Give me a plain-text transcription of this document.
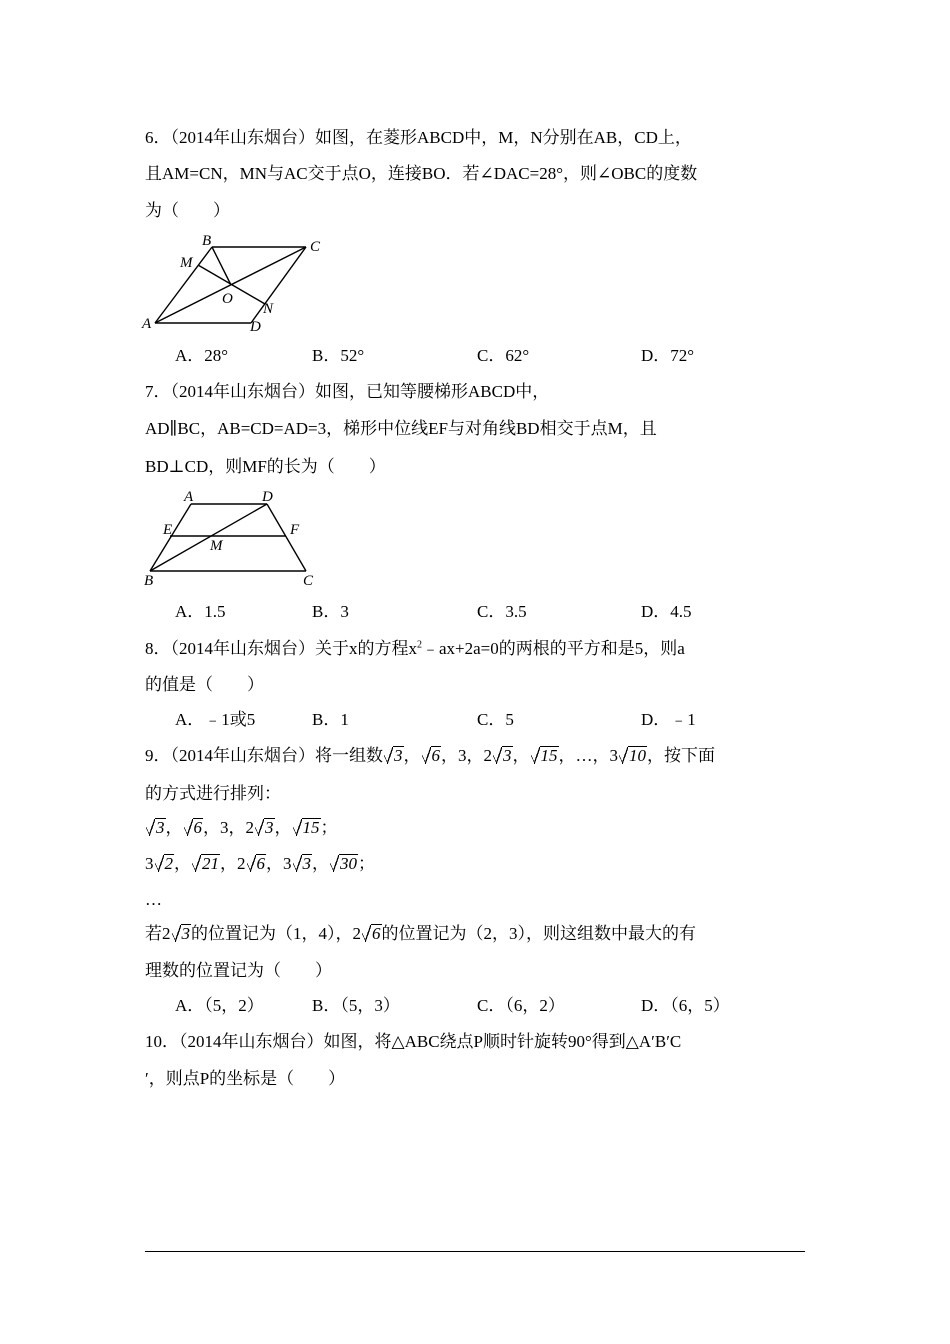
6．（2014年山东烟台）如图，在菱形ABCD中，M，N分别在AB，CD上，
且AM=CN，MN与AC交于点O，连接BO．若∠DAC=28°，则∠OBC的度数
为（　　）
A
B	C
D
M
N
O
A．28°	B．52°	C．62°	D．72°
7．（2014年山东烟台）如图，已知等腰梯形ABCD中，
AD∥BC，AB=CD=AD=3，梯形中位线EF与对角线BD相交于点M，且
BD⊥CD，则MF的长为（　　）
A	D
E	F
M
B	C
A．1.5	B．3	C．3.5	D．4.5
8．（2014年山东烟台）关于x的方程$x^2﹣ax+2a=0$的两根的平方和是5，则a
的值是（　　）
A．﹣1或5	B．1	C．5	D．﹣1
9．（2014年山东烟台）将一组数 3， 6，3，2 3， 15，…，3 10，按下面
的方式进行排列：
3， 6，3，2 3， 15；
3 2， 21，2 6，3 3， 30；
…
若2 3的位置记为（1，4），2 6的位置记为（2，3），则这组数中最大的有
理数的位置记为（　　）
A．（5，2）	B．（5，3）	C．（6，2）	D．（6，5）
10．（2014年山东烟台）如图，将△ABC绕点P顺时针旋转90°得到△A′B′C
′，则点P的坐标是（　　）
